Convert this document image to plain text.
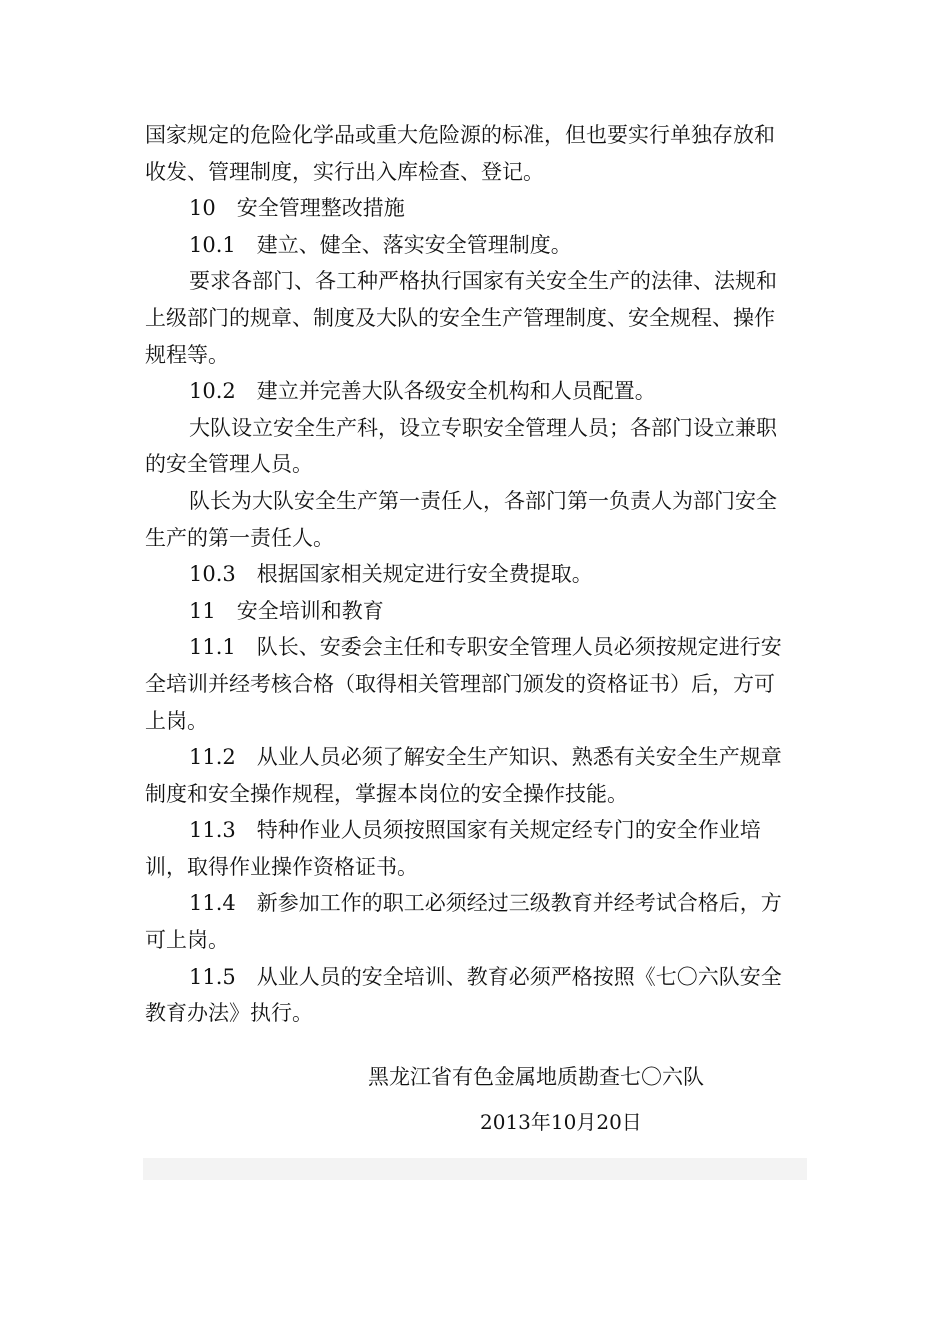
国家规定的危险化学品或重大危险源的标准，但也要实行单独存放和
收发、管理制度，实行出入库检查、登记。
10　安全管理整改措施
10.1　建立、健全、落实安全管理制度。
要求各部门、各工种严格执行国家有关安全生产的法律、法规和
上级部门的规章、制度及大队的安全生产管理制度、安全规程、操作
规程等。
10.2　建立并完善大队各级安全机构和人员配置。
大队设立安全生产科，设立专职安全管理人员；各部门设立兼职
的安全管理人员。
队长为大队安全生产第一责任人，各部门第一负责人为部门安全
生产的第一责任人。
10.3　根据国家相关规定进行安全费提取。
11　安全培训和教育
11.1　队长、安委会主任和专职安全管理人员必须按规定进行安
全培训并经考核合格（取得相关管理部门颁发的资格证书）后，方可
上岗。
11.2　从业人员必须了解安全生产知识、熟悉有关安全生产规章
制度和安全操作规程，掌握本岗位的安全操作技能。
11.3　特种作业人员须按照国家有关规定经专门的安全作业培
训，取得作业操作资格证书。
11.4　新参加工作的职工必须经过三级教育并经考试合格后，方
可上岗。
11.5　从业人员的安全培训、教育必须严格按照《七〇六队安全
教育办法》执行。
黑龙江省有色金属地质勘查七〇六队
2013年10月20日
